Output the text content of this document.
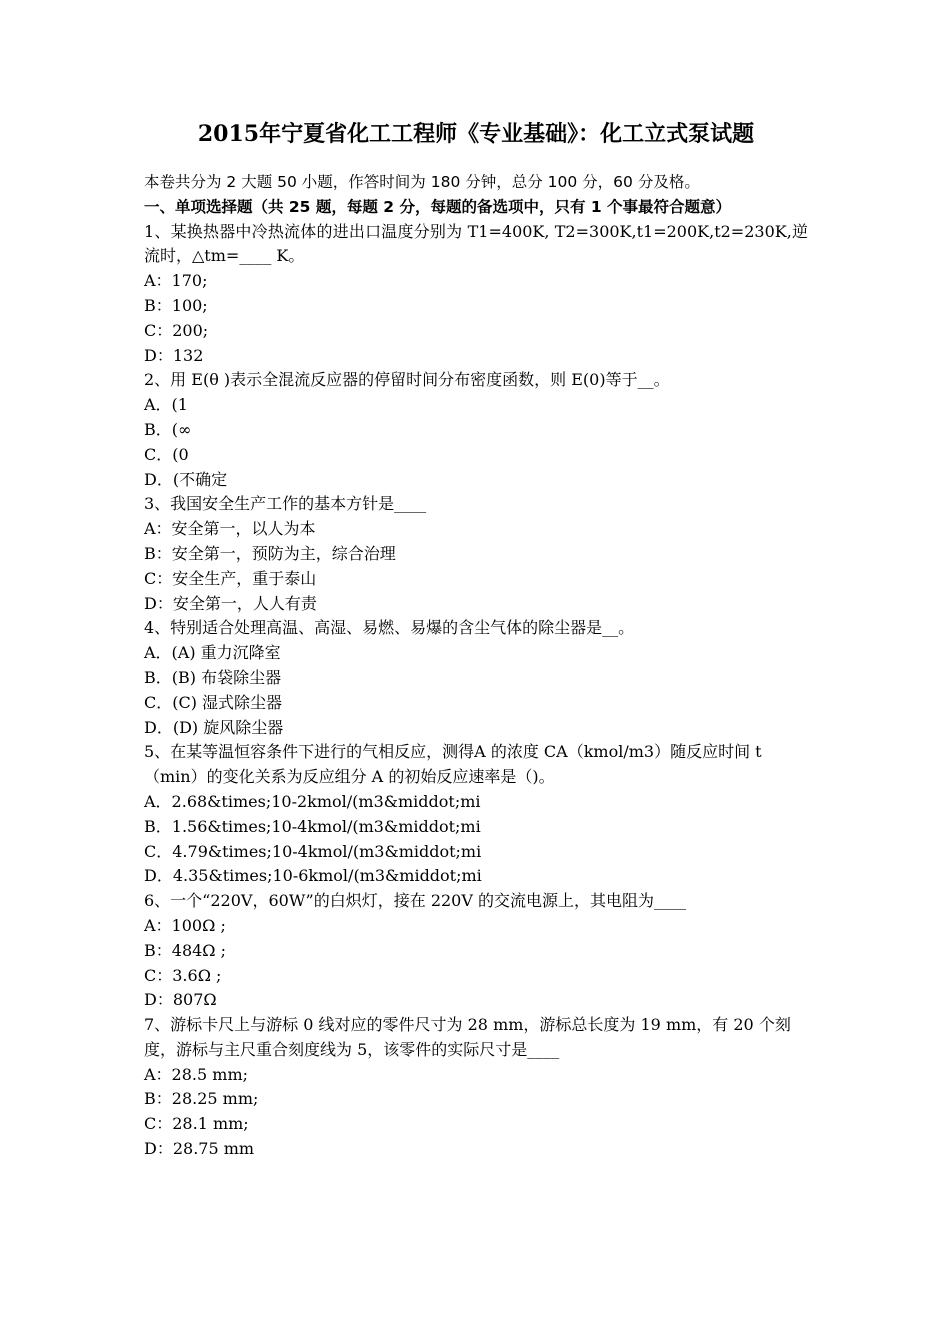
2015年宁夏省化工工程师《专业基础》：化工立式泵试题
本卷共分为 2 大题 50 小题，作答时间为 180 分钟，总分 100 分，60 分及格。
一、单项选择题（共 25 题，每题 2 分，每题的备选项中，只有 1 个事最符合题意）
1、某换热器中冷热流体的进出口温度分别为 T1=400K, T2=300K,t1=200K,t2=230K,逆流时，△tm=____ K。
A：170;
B：100;
C：200;
D：132
2、用 E(θ )表示全混流反应器的停留时间分布密度函数，则 E(0)等于__。
A．(1
B．(∞
C．(0
D．(不确定
3、我国安全生产工作的基本方针是____
A：安全第一，以人为本
B：安全第一，预防为主，综合治理
C：安全生产，重于泰山
D：安全第一，人人有责
4、特别适合处理高温、高湿、易燃、易爆的含尘气体的除尘器是__。
A．(A) 重力沉降室
B．(B) 布袋除尘器
C．(C) 湿式除尘器
D．(D) 旋风除尘器
5、在某等温恒容条件下进行的气相反应，测得A 的浓度 CA（kmol/m3）随反应时间 t（min）的变化关系为反应组分 A 的初始反应速率是（)。
A．2.68&times;10-2kmol/(m3&middot;mi
B．1.56&times;10-4kmol/(m3&middot;mi
C．4.79&times;10-4kmol/(m3&middot;mi
D．4.35&times;10-6kmol/(m3&middot;mi
6、一个“220V，60W”的白炽灯，接在 220V 的交流电源上，其电阻为____
A：100Ω ;
B：484Ω ;
C：3.6Ω ;
D：807Ω
7、游标卡尺上与游标 0 线对应的零件尺寸为 28 mm，游标总长度为 19 mm，有 20 个刻度，游标与主尺重合刻度线为 5，该零件的实际尺寸是____
A：28.5 mm;
B：28.25 mm;
C：28.1 mm;
D：28.75 mm
